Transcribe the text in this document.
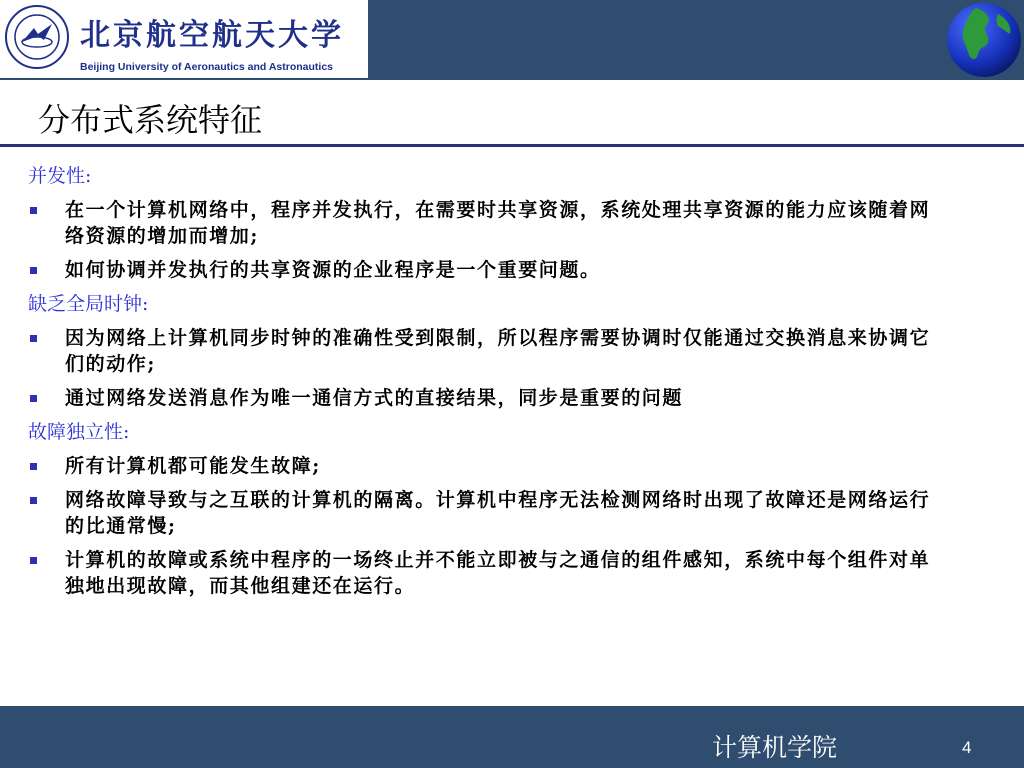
北京航空航天大学
Beijing University of Aeronautics and Astronautics
分布式系统特征
并发性:
在一个计算机网络中，程序并发执行，在需要时共享资源，系统处理共享资源的能力应该随着网络资源的增加而增加;
如何协调并发执行的共享资源的企业程序是一个重要问题。
缺乏全局时钟:
因为网络上计算机同步时钟的准确性受到限制，所以程序需要协调时仅能通过交换消息来协调它们的动作;
通过网络发送消息作为唯一通信方式的直接结果，同步是重要的问题
故障独立性:
所有计算机都可能发生故障;
网络故障导致与之互联的计算机的隔离。计算机中程序无法检测网络时出现了故障还是网络运行的比通常慢;
计算机的故障或系统中程序的一场终止并不能立即被与之通信的组件感知，系统中每个组件对单独地出现故障，而其他组建还在运行。
计算机学院	4
